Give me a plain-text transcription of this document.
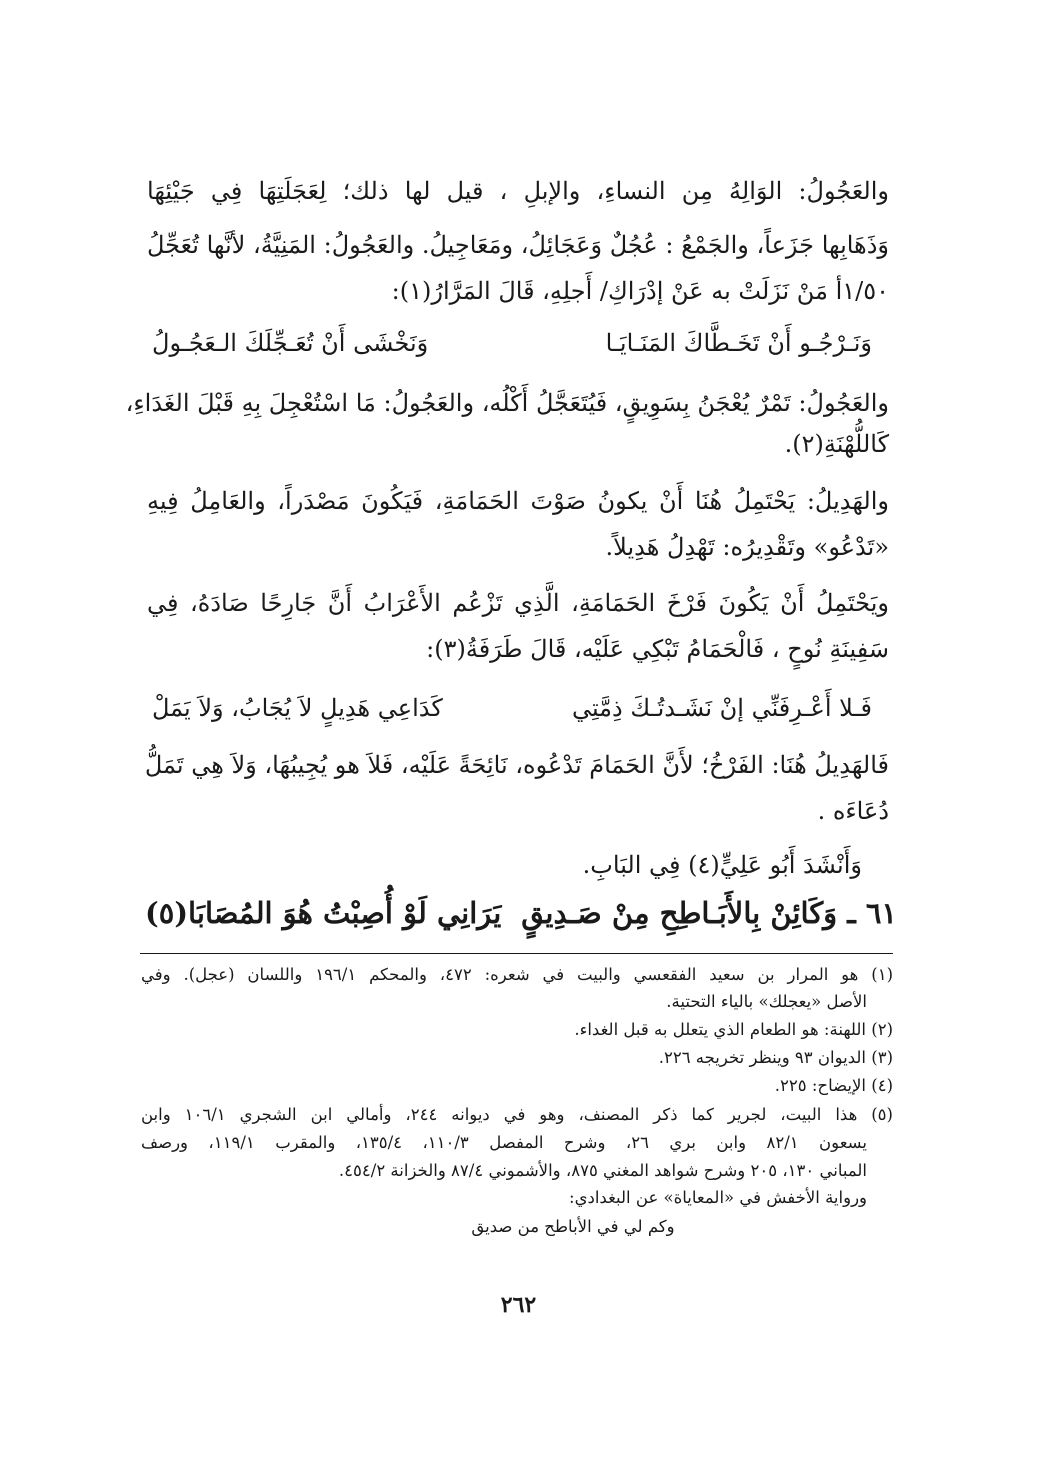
والعَجُولُ: الوَالِهُ مِن النساءِ، والإبلِ ، قيل لها ذلك؛ لِعَجَلَتِهَا فِي جَيْئِهَا
وَذَهَابِها جَزَعاً، والجَمْعُ : عُجُلٌ وَعَجَائِلُ، ومَعَاجِيلُ. والعَجُولُ: المَنِيَّةُ، لأنَّها تُعَجِّلُ
١/٥٠أ مَنْ نَزَلَتْ به عَنْ إدْرَاكِ/ أَجلِهِ، قَالَ المَرَّارُ(١):
وَنَـرْجُـو أَنْ تَخَـطَّاكَ المَنَـايَـا
وَنَخْشَى أَنْ تُعَـجِّلَكَ الـعَجُـولُ
والعَجُولُ: تَمْرٌ يُعْجَنُ بِسَوِيقٍ، فَيُتَعَجَّلُ أَكْلُه، والعَجُولُ: مَا اسْتُعْجِلَ بِهِ قَبْلَ الغَدَاءِ،
كَاللُّهْنَةِ(٢).
والهَدِيلُ: يَحْتَمِلُ هُنَا أَنْ يكونُ صَوْتَ الحَمَامَةِ، فَيَكُونَ مَصْدَراً، والعَامِلُ فِيهِ
«تَدْعُو» وتَقْدِيرُه: تَهْدِلُ هَدِيلاً.
ويَحْتَمِلُ أَنْ يَكُونَ فَرْخَ الحَمَامَةِ، الَّذِي تَزْعُم الأَعْرَابُ أَنَّ جَارِحًا صَادَهُ، فِي
سَفِينَةِ نُوحٍ ، فَالْحَمَامُ تَبْكِي عَلَيْه، قَالَ طَرَفَةُ(٣):
فَـلا أَعْـرِفَنِّي إنْ نَشَـدتُـكَ ذِمَّتِي
كَدَاعِي هَدِيلٍ لاَ يُجَابُ، وَلاَ يَمَلْ
فَالهَدِيلُ هُنَا: الفَرْخُ؛ لأَنَّ الحَمَامَ تَدْعُوه، نَائِحَةً عَلَيْه، فَلاَ هو يُجِيبُهَا، وَلاَ هِي تَمَلُّ
دُعَاءَه .
وَأَنْشَدَ أَبُو عَلِيٍّ(٤) فِي البَابِ.
٦١ ـ وَكَائِنْ بِالأَبَـاطِحِ مِنْ صَـدِيقٍ
يَرَانِي لَوْ أُصِبْتُ هُوَ المُصَابَا(٥)
(١) هو المرار بن سعيد الفقعسي والبيت في شعره: ٤٧٢، والمحكم ١٩٦/١ واللسان (عجل). وفي
الأصل «يعجلك» بالياء التحتية.
(٢) اللهنة: هو الطعام الذي يتعلل به قبل الغداء.
(٣) الديوان ٩٣ وينظر تخريجه ٢٢٦.
(٤) الإيضاح: ٢٢٥.
(٥) هذا البيت، لجرير كما ذكر المصنف، وهو في ديوانه ٢٤٤، وأمالي ابن الشجري ١٠٦/١ وابن
يسعون ٨٢/١ وابن بري ٢٦، وشرح المفصل ١١٠/٣، ١٣٥/٤، والمقرب ١١٩/١، ورصف
المباني ١٣٠، ٢٠٥ وشرح شواهد المغني ٨٧٥، والأشموني ٨٧/٤ والخزانة ٤٥٤/٢.
ورواية الأخفش في «المعاياة» عن البغدادي:
وكم لي في الأباطح من صديق
٢٦٢
